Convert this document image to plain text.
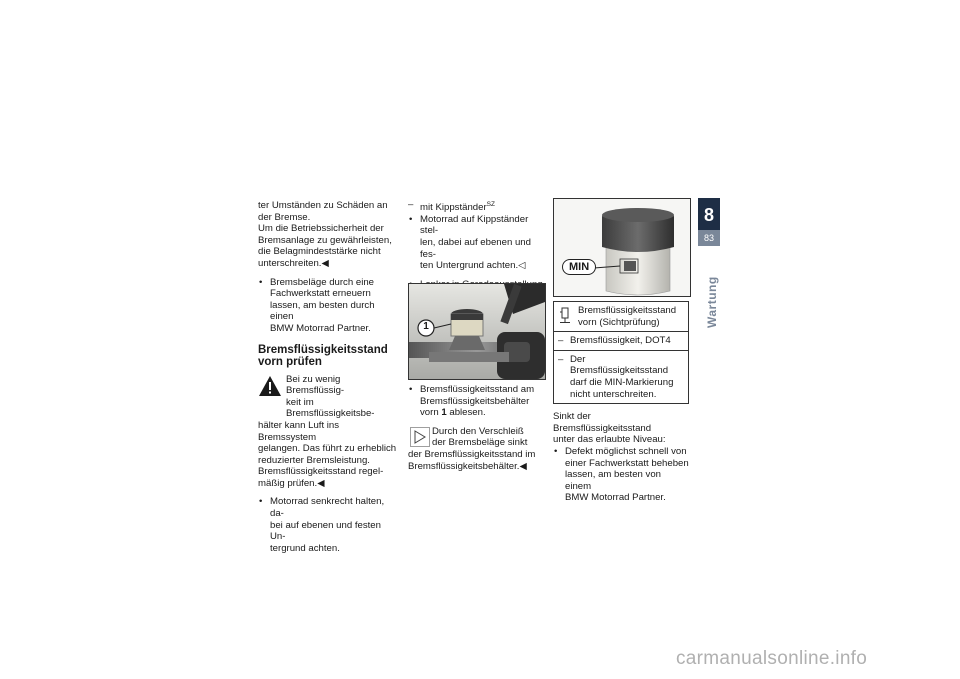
ter Umständen zu Schäden an

der Bremse.

Um die Betriebssicherheit der

Bremsanlage zu gewährleisten,

die Belagmindeststärke nicht

unterschreiten.◀

• Bremsbeläge durch eine

Fachwerkstatt erneuern

lassen, am besten durch einen

BMW Motorrad Partner.

Bremsflüssigkeitsstand
vorn prüfen

Bei zu wenig Bremsflüssig-

keit im Bremsflüssigkeitsbe-

hälter kann Luft ins Bremssystem

gelangen. Das führt zu erheblich

reduzierter Bremsleistung.

Bremsflüssigkeitsstand regel-

mäßig prüfen.◀

• Motorrad senkrecht halten, da-

bei auf ebenen und festen Un-

tergrund achten.

– mit Kippständer$^{SZ}$

• Motorrad auf Kippständer stel-

len, dabei auf ebenen und fes-

ten Untergrund achten.◁

•

1

• Bremsflüssigkeitsstand am

Bremsflüssigkeitsbehälter

vorn 1 ablesen.

Durch den Verschleiß

der Bremsbeläge sinkt

der Bremsflüssigkeitsstand im

Bremsflüssigkeitsbehälter.◀

MIN

Bremsflüssigkeitsstand

vorn (Sichtprüfung)

– Bremsflüssigkeit, DOT4

– Der Bremsflüssigkeitsstand

darf die MIN-Markierung

nicht unterschreiten.

Sinkt der Bremsflüssigkeitsstand

unter das erlaubte Niveau:

• Defekt möglichst schnell von

einer Fachwerkstatt beheben

lassen, am besten von einem

BMW Motorrad Partner.

8
83
Wartung
carmanualsonline.info
